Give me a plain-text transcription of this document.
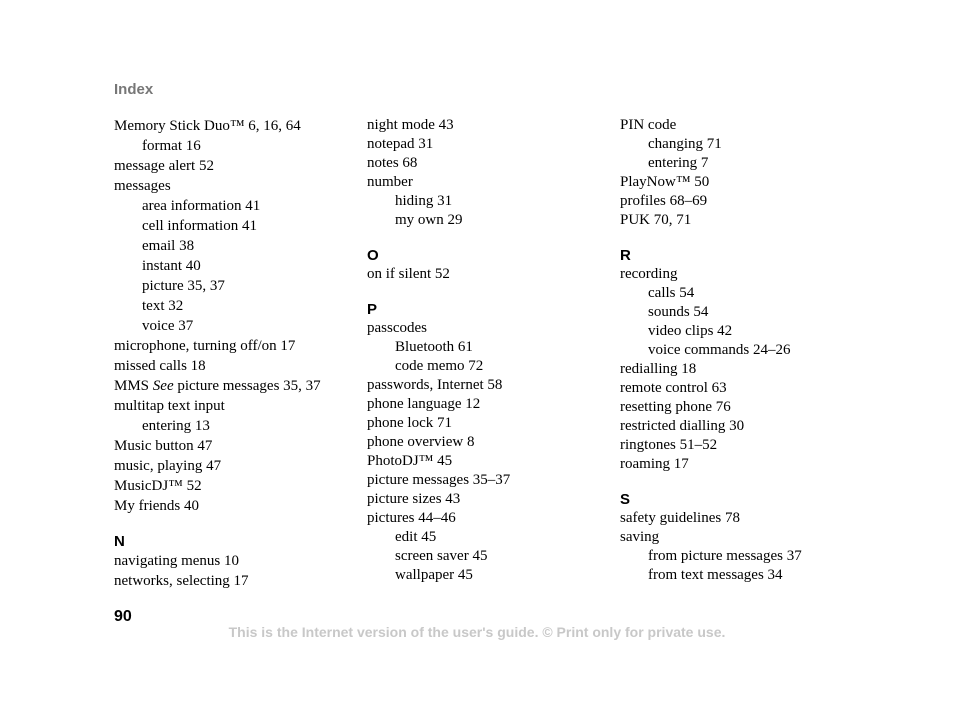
Index
Memory Stick Duo™ 6, 16, 64
format 16
message alert 52
messages
area information 41
cell information 41
email 38
instant 40
picture 35, 37
text 32
voice 37
microphone, turning off/on 17
missed calls 18
MMS See picture messages 35, 37
multitap text input
entering 13
Music button 47
music, playing 47
MusicDJ™ 52
My friends 40
N
navigating menus 10
networks, selecting 17
night mode 43
notepad 31
notes 68
number
hiding 31
my own 29
O
on if silent 52
P
passcodes
Bluetooth 61
code memo 72
passwords, Internet 58
phone language 12
phone lock 71
phone overview 8
PhotoDJ™ 45
picture messages 35–37
picture sizes 43
pictures 44–46
edit 45
screen saver 45
wallpaper 45
PIN code
changing 71
entering 7
PlayNow™ 50
profiles 68–69
PUK 70, 71
R
recording
calls 54
sounds 54
video clips 42
voice commands 24–26
redialling 18
remote control 63
resetting phone 76
restricted dialling 30
ringtones 51–52
roaming 17
S
safety guidelines 78
saving
from picture messages 37
from text messages 34
90
This is the Internet version of the user's guide. © Print only for private use.
